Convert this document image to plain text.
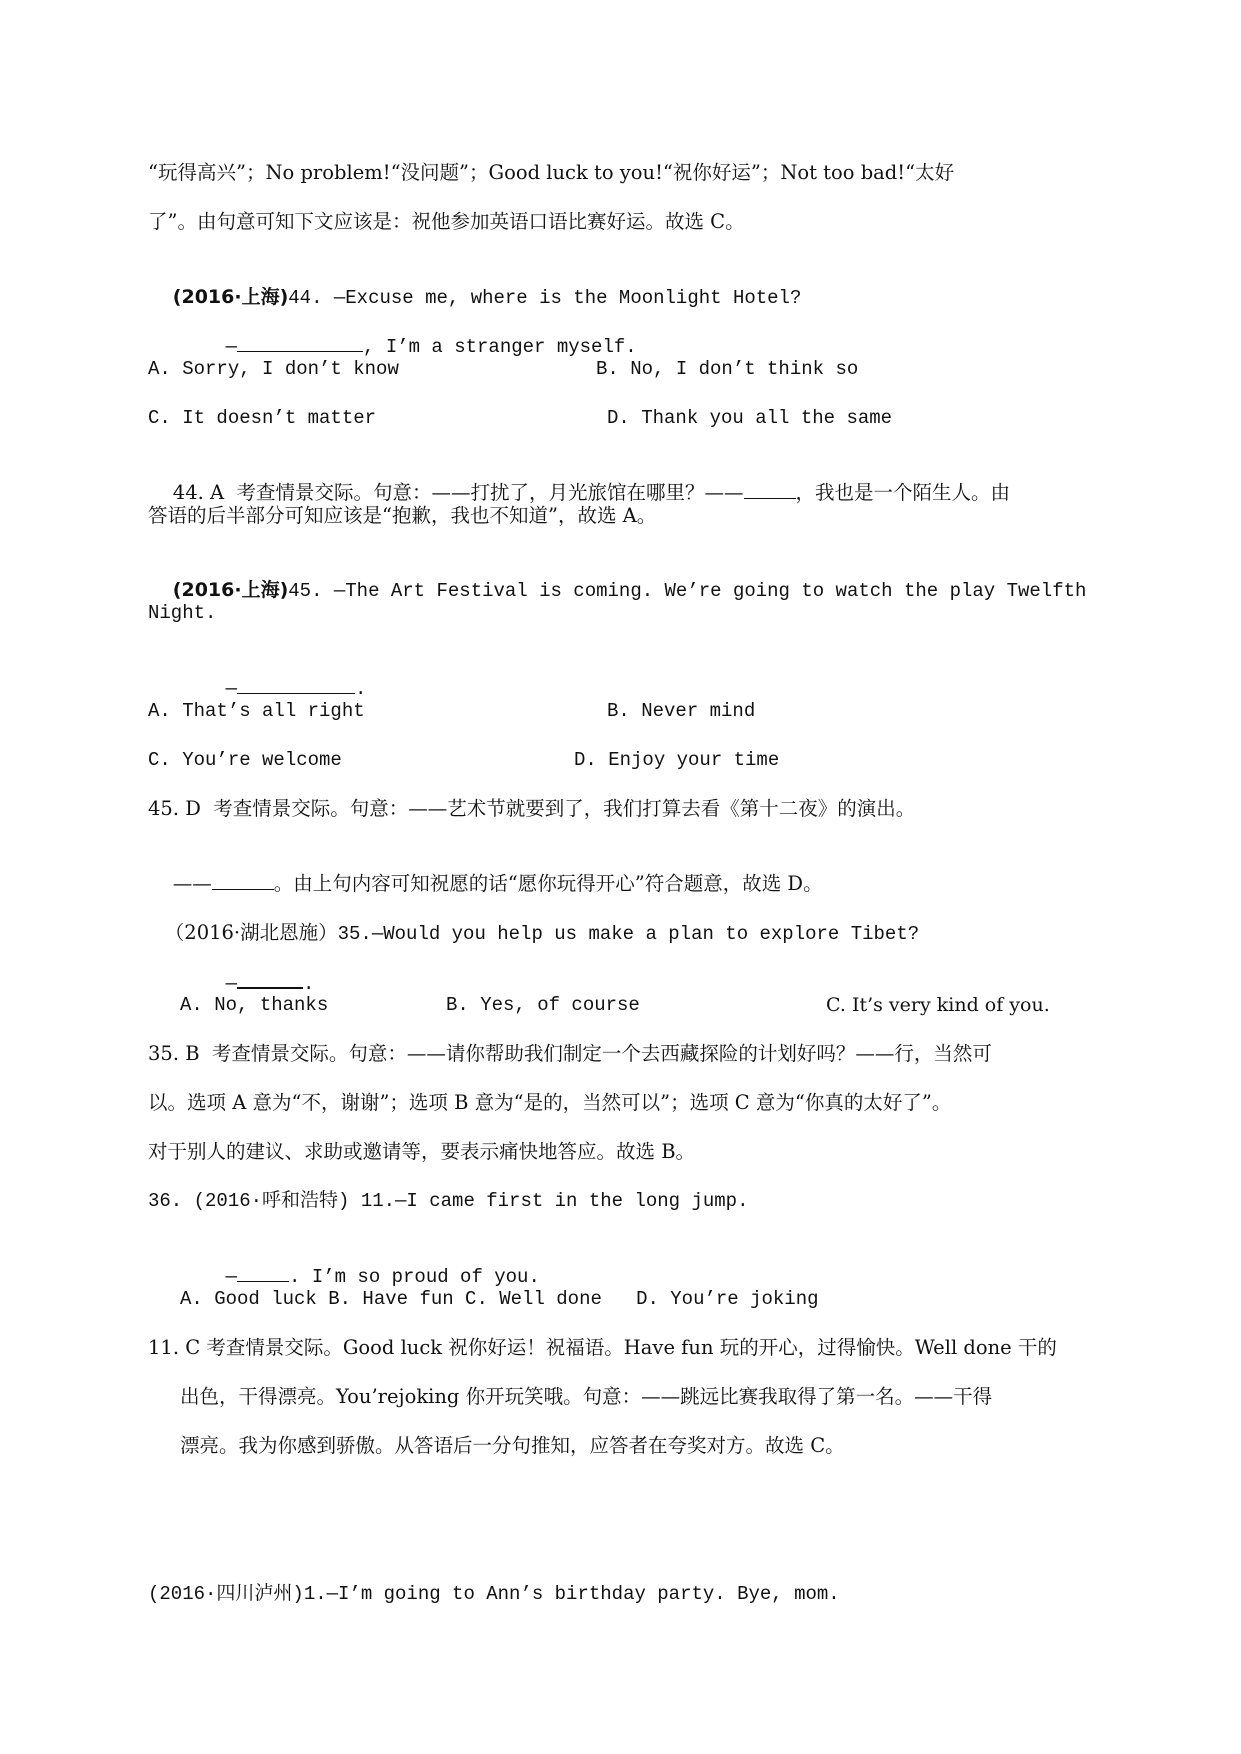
“玩得高兴”；No problem!“没问题”；Good luck to you!“祝你好运”；Not too bad!“太好
了”。由句意可知下文应该是：祝他参加英语口语比赛好运。故选 C。

(2016·上海)44. —Excuse me, where is the Moonlight Hotel?

—	, I’m a stranger myself.

A. Sorry, I don’t know	B. No, I don’t think so
C. It doesn’t matter	D. Thank you all the same

44. A  考查情景交际。句意：——打扰了，月光旅馆在哪里？——	，我也是一个陌生人。由

答语的后半部分可知应该是“抱歉，我也不知道”，故选 A。

(2016·上海)45. —The Art Festival is coming. We’re going to watch the play Twelfth

Night.

—	.

A. That’s all right	B. Never mind
C. You’re welcome	D. Enjoy your time
45. D  考查情景交际。句意：——艺术节就要到了，我们打算去看《第十二夜》的演出。

——	。由上句内容可知祝愿的话“愿你玩得开心”符合题意，故选 D。

（2016·湖北恩施）35.—Would you help us make a plan to explore Tibet?

—	.

A. No, thanks	B. Yes, of course	C. It’s very kind of you.
35. B  考查情景交际。句意：——请你帮助我们制定一个去西藏探险的计划好吗？——行，当然可
以。选项 A 意为“不，谢谢”；选项 B 意为“是的，当然可以”；选项 C 意为“你真的太好了”。
对于别人的建议、求助或邀请等，要表示痛快地答应。故选 B。
36. (2016·呼和浩特) 11.—I came first in the long jump.

—	. I’m so proud of you.

A. Good luck B. Have fun C. Well done   D. You’re joking
11. C 考查情景交际。Good luck 祝你好运！祝福语。Have fun 玩的开心，过得愉快。Well done 干的
出色，干得漂亮。You’rejoking 你开玩笑哦。句意：——跳远比赛我取得了第一名。——干得
漂亮。我为你感到骄傲。从答语后一分句推知，应答者在夸奖对方。故选 C。
(2016·四川泸州)1.—I’m going to Ann’s birthday party. Bye, mom.
